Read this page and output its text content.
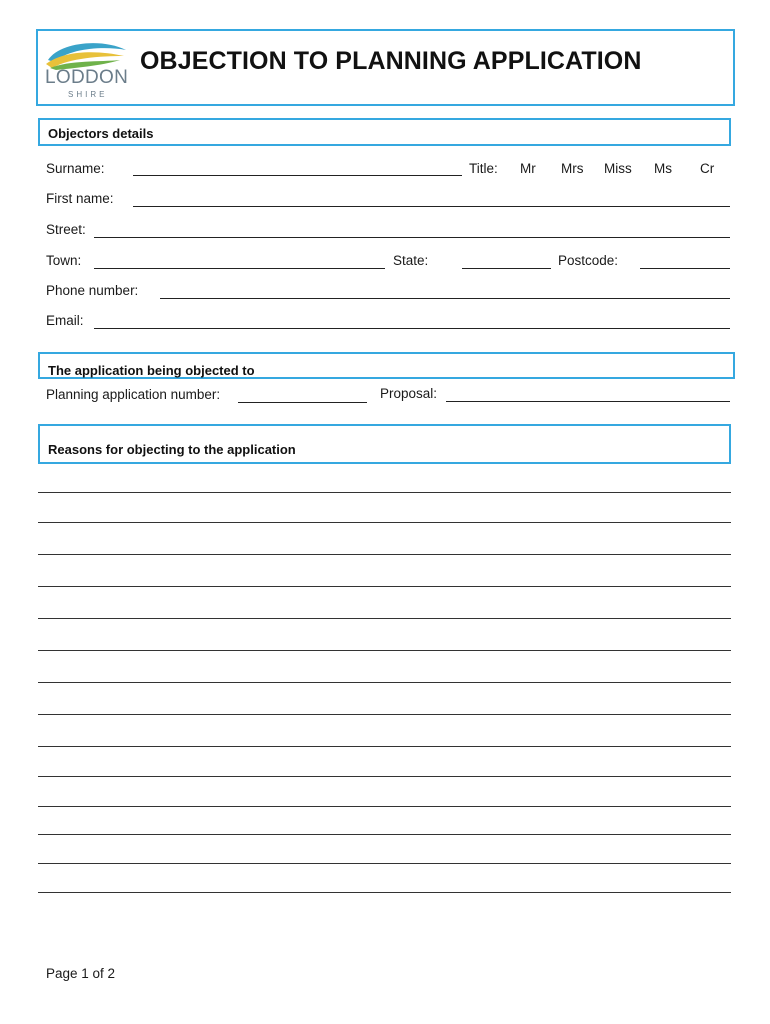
LODDON
SHIRE
OBJECTION TO PLANNING APPLICATION
Objectors details
Surname:	Title: Mr Mrs Miss Ms Cr
First name:
Street:
Town:	State:	Postcode:
Phone number:
Email:
The application being objected to
Planning application number:	Proposal:
Reasons for objecting to the application
Page 1 of 2
